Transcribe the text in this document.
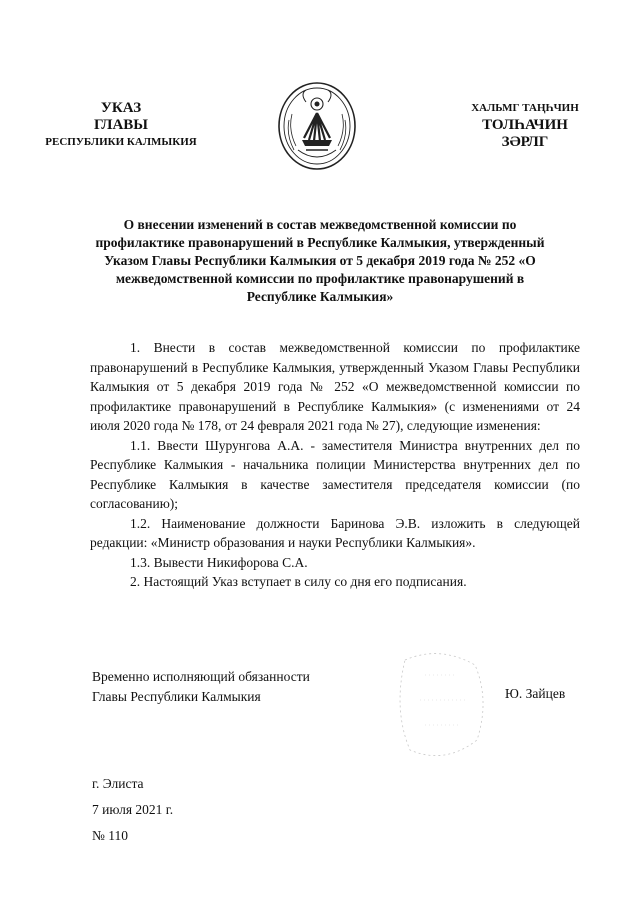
УКАЗ
ГЛАВЫ
РЕСПУБЛИКИ КАЛМЫКИЯ
ХАЛЬМГ ТАҢҺЧИН
ТОЛҺАЧИН
ЗӘРЛГ
О внесении изменений в состав межведомственной комиссии по профилактике правонарушений в Республике Калмыкия, утвержденный Указом Главы Республики Калмыкия от 5 декабря 2019 года № 252 «О межведомственной комиссии по профилактике правонарушений в Республике Калмыкия»

1. Внести в состав межведомственной комиссии по профилактике правонарушений в Республике Калмыкия, утвержденный Указом Главы Республики Калмыкия от 5 декабря 2019 года № 252 «О межведомственной комиссии по профилактике правонарушений в Республике Калмыкия» (с изменениями от 24 июля 2020 года № 178, от 24 февраля 2021 года № 27), следующие изменения:

1.1. Ввести Шурунгова А.А. - заместителя Министра внутренних дел по Республике Калмыкия - начальника полиции Министерства внутренних дел по Республике Калмыкия в качестве заместителя председателя комиссии (по согласованию);

1.2. Наименование должности Баринова Э.В. изложить в следующей редакции: «Министр образования и науки Республики Калмыкия».

1.3. Вывести Никифорова С.А.

2. Настоящий Указ вступает в силу со дня его подписания.

Временно исполняющий обязанности
Главы Республики Калмыкия	Ю. Зайцев
г. Элиста
7 июля 2021 г.
№ 110
